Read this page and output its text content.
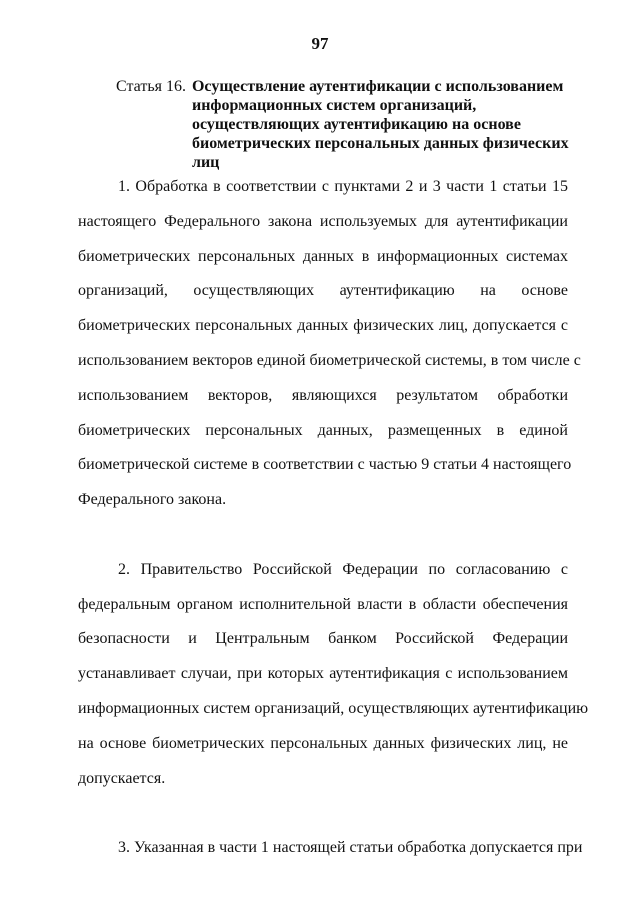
97
Статья 16. Осуществление аутентификации с использованием
информационных систем организаций,
осуществляющих аутентификацию на основе
биометрических персональных данных физических
лиц
1. Обработка в соответствии с пунктами 2 и 3 части 1 статьи 15
настоящего Федерального закона используемых для аутентификации
биометрических персональных данных в информационных системах
организаций, осуществляющих аутентификацию на основе
биометрических персональных данных физических лиц, допускается с
использованием векторов единой биометрической системы, в том числе с
использованием векторов, являющихся результатом обработки
биометрических персональных данных, размещенных в единой
биометрической системе в соответствии с частью 9 статьи 4 настоящего
Федерального закона.
2. Правительство Российской Федерации по согласованию с
федеральным органом исполнительной власти в области обеспечения
безопасности и Центральным банком Российской Федерации
устанавливает случаи, при которых аутентификация с использованием
информационных систем организаций, осуществляющих аутентификацию
на основе биометрических персональных данных физических лиц, не
допускается.
3. Указанная в части 1 настоящей статьи обработка допускается при
